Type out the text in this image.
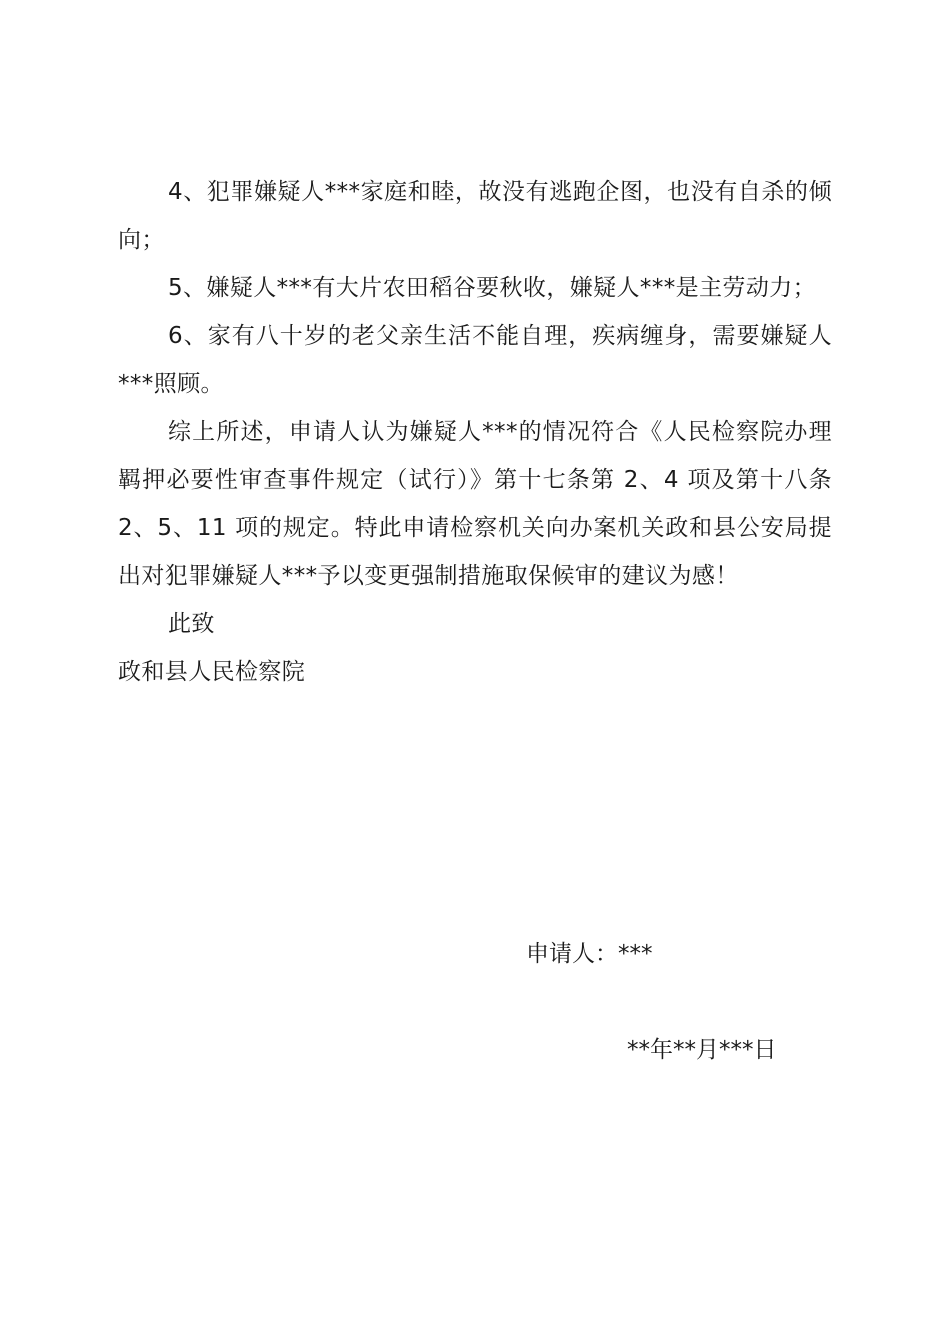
4、犯罪嫌疑人***家庭和睦，故没有逃跑企图，也没有自杀的倾向；

5、嫌疑人***有大片农田稻谷要秋收，嫌疑人***是主劳动力；

6、家有八十岁的老父亲生活不能自理，疾病缠身，需要嫌疑人***照顾。

综上所述，申请人认为嫌疑人***的情况符合《人民检察院办理羁押必要性审查事件规定（试行）》第十七条第 2、4 项及第十八条 2、5、11 项的规定。特此申请检察机关向办案机关政和县公安局提出对犯罪嫌疑人***予以变更强制措施取保候审的建议为感！

此致

政和县人民检察院

申请人：***
**年**月***日
